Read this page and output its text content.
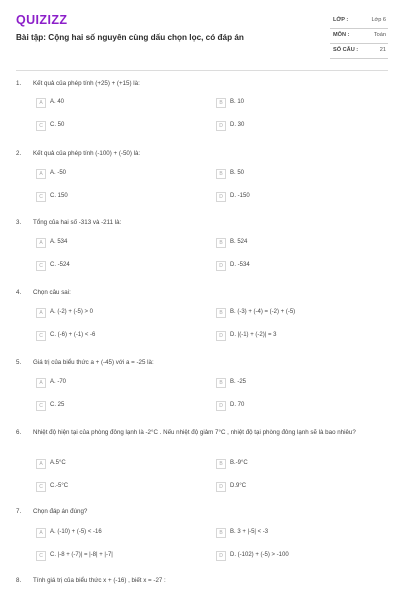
QUIZIZZ
Bài tập: Cộng hai số nguyên cùng dấu chọn lọc, có đáp án
LỚP :	Lớp 6
MÔN :	Toán
SỐ CÂU :	21
1. Kết quả của phép tính (+25) + (+15) là:
A	A. 40	B	B. 10
C	C. 50	D	D. 30
2. Kết quả của phép tính (-100) + (-50) là:
A	A. -50	B	B. 50
C	C. 150	D	D. -150
3. Tổng của hai số -313 và -211 là:
A	A. 534	B	B. 524
C	C. -524	D	D. -534
4. Chọn câu sai:
A	A. (-2) + (-5) > 0	B	B. (-3) + (-4) = (-2) + (-5)
C	C. (-6) + (-1) < -6	D	D. |(-1) + (-2)| = 3
5. Giá trị của biểu thức a + (-45) với a = -25 là:
A	A. -70	B	B. -25
C	C. 25	D	D. 70
6. Nhiệt độ hiện tại của phòng đông lạnh là -2°C . Nếu nhiệt độ giảm 7°C , nhiệt độ tại phòng đông lạnh sẽ là bao nhiêu?
A	A.5°C	B	B.-9°C
C	C.-5°C	D	D.9°C
7. Chọn đáp án đúng?
A	A. (-10) + (-5) < -16	B	B. 3 + |-5| < -3
C	C. |-8 + (-7)| = |-8| + |-7|	D	D. (-102) + (-5) > -100
8. Tính giá trị của biểu thức x + (-16) , biết x = -27 :
